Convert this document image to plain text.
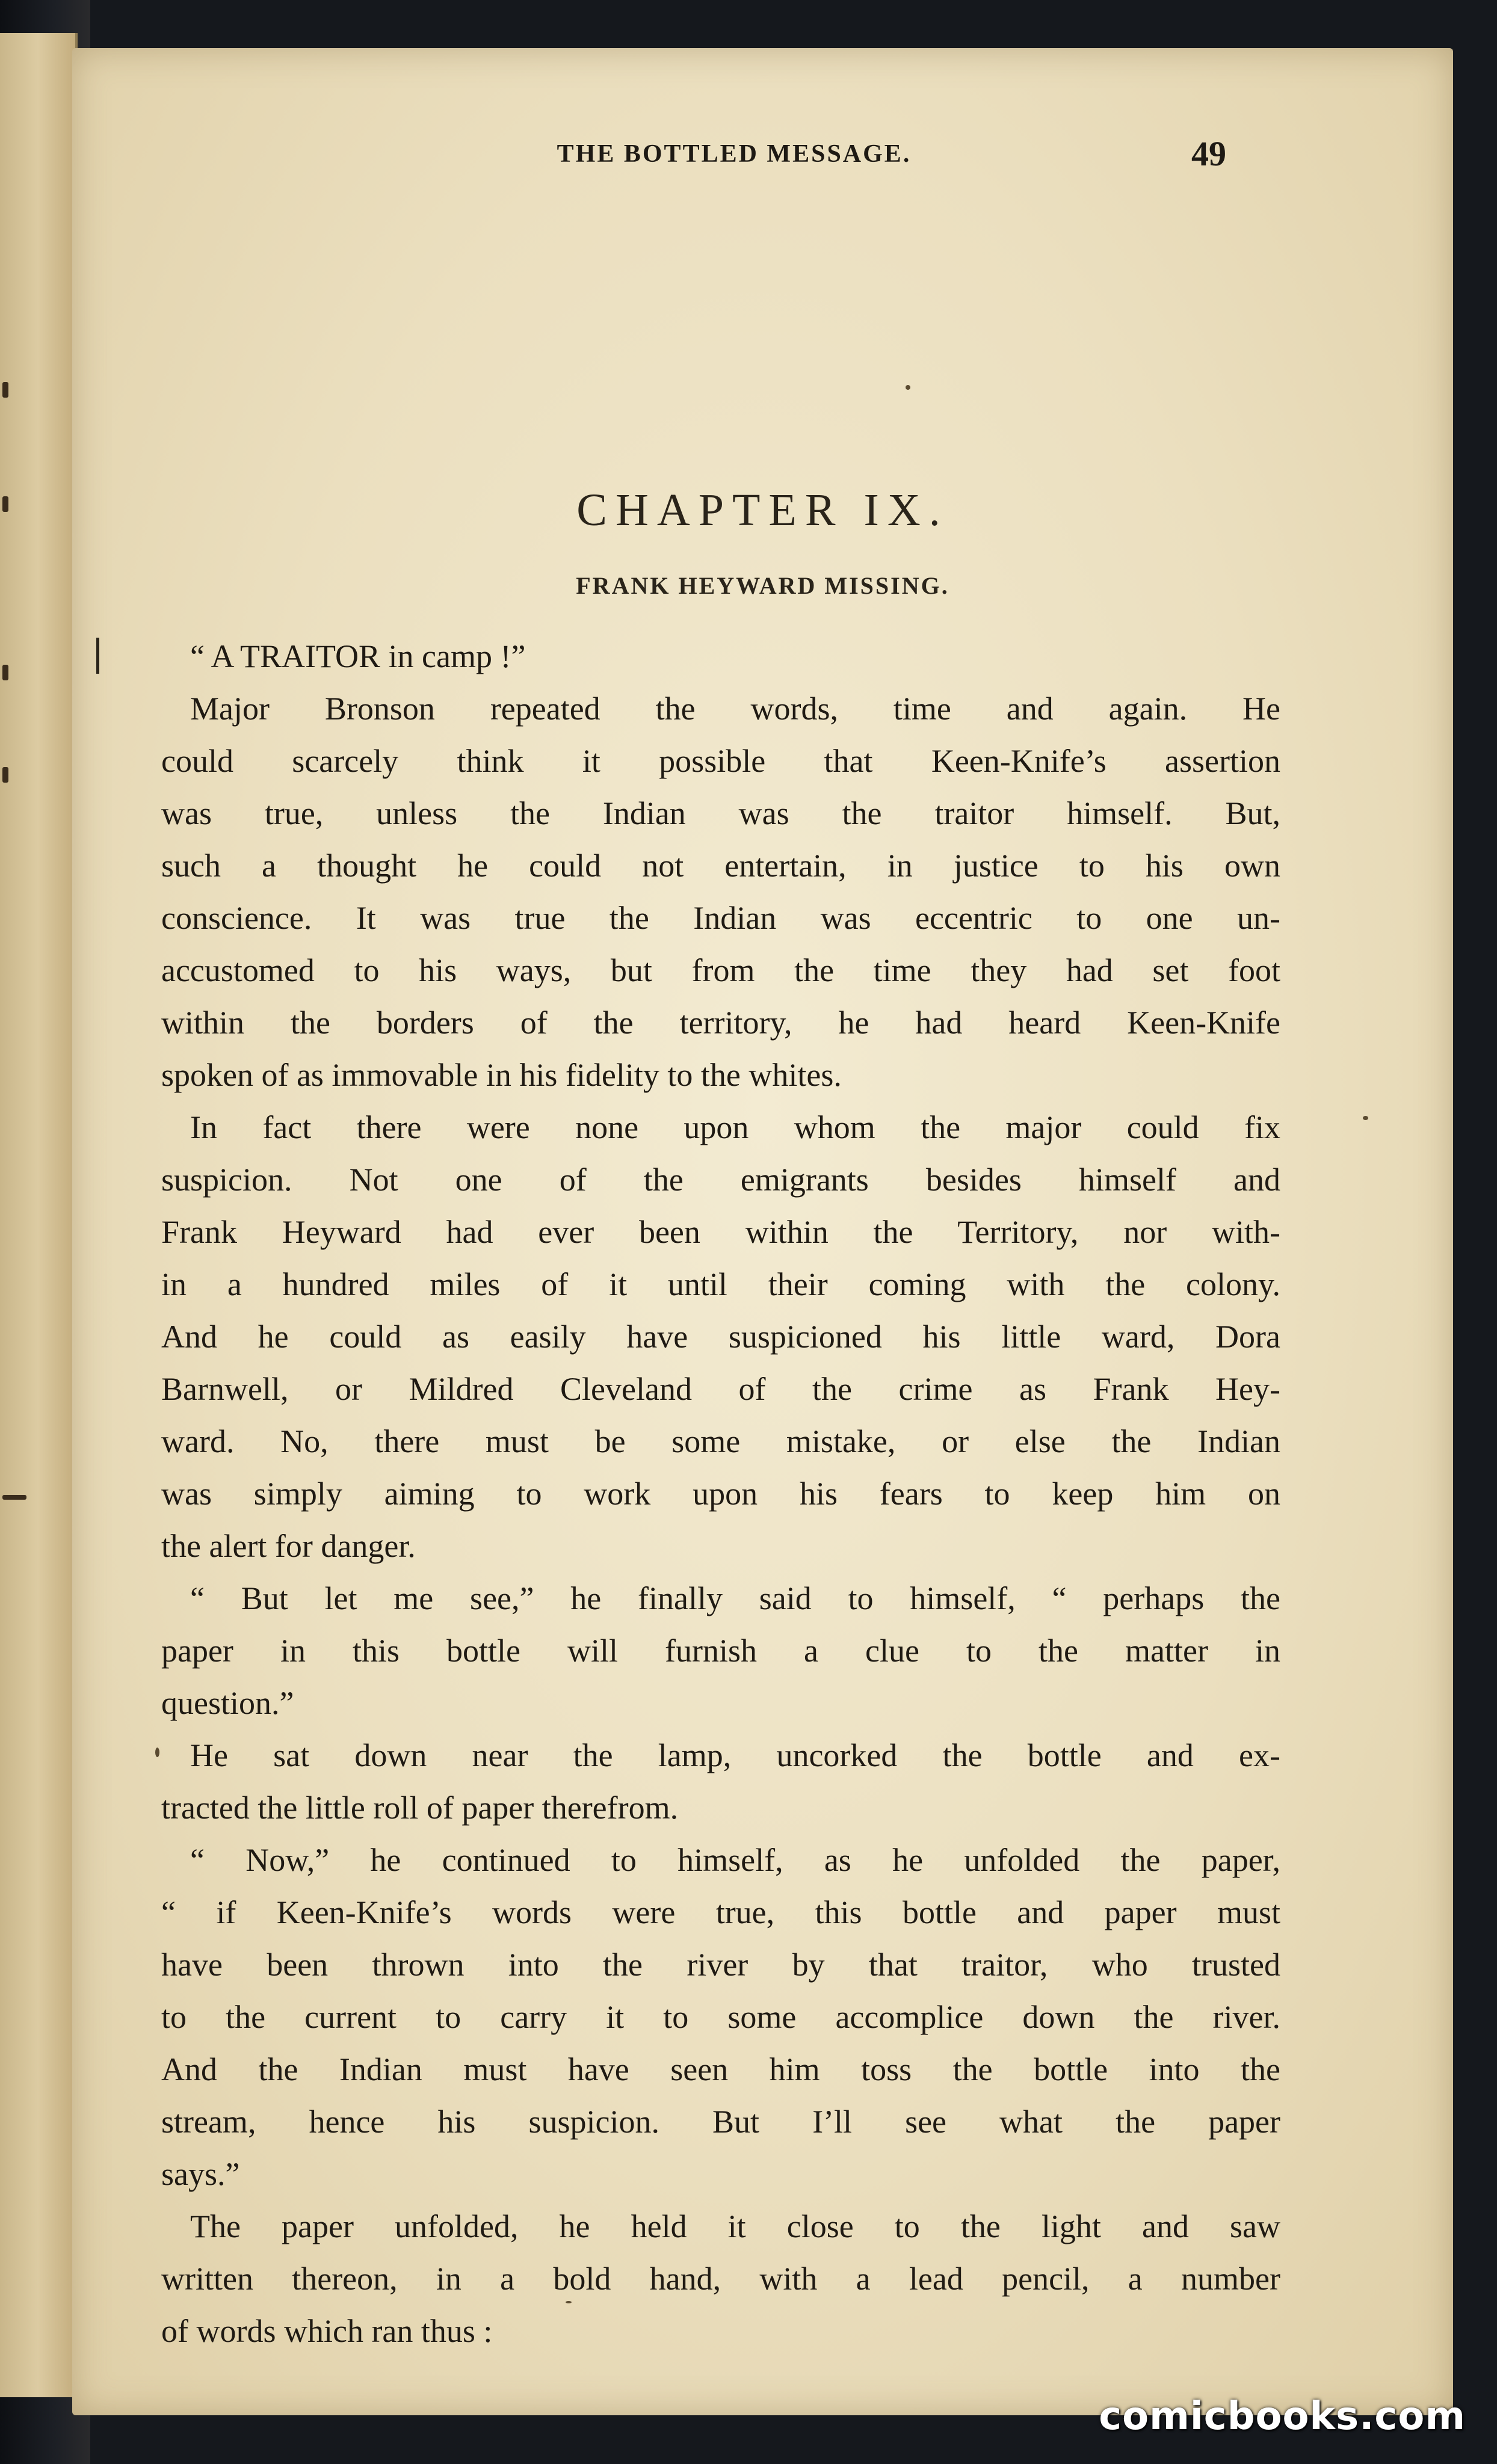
THE BOTTLED MESSAGE.	49
CHAPTER IX.
FRANK HEYWARD MISSING.
“ A TRAITOR in camp !”
Major Bronson repeated the words, time and again. He
could scarcely think it possible that Keen-Knife’s assertion
was true, unless the Indian was the traitor himself. But,
such a thought he could not entertain, in justice to his own
conscience. It was true the Indian was eccentric to one un-
accustomed to his ways, but from the time they had set foot
within the borders of the territory, he had heard Keen-Knife
spoken of as immovable in his fidelity to the whites.
In fact there were none upon whom the major could fix
suspicion. Not one of the emigrants besides himself and
Frank Heyward had ever been within the Territory, nor with-
in a hundred miles of it until their coming with the colony.
And he could as easily have suspicioned his little ward, Dora
Barnwell, or Mildred Cleveland of the crime as Frank Hey-
ward. No, there must be some mistake, or else the Indian
was simply aiming to work upon his fears to keep him on
the alert for danger.
“ But let me see,” he finally said to himself, “ perhaps the
paper in this bottle will furnish a clue to the matter in
question.”
He sat down near the lamp, uncorked the bottle and ex-
tracted the little roll of paper therefrom.
“ Now,” he continued to himself, as he unfolded the paper,
“ if Keen-Knife’s words were true, this bottle and paper must
have been thrown into the river by that traitor, who trusted
to the current to carry it to some accomplice down the river.
And the Indian must have seen him toss the bottle into the
stream, hence his suspicion. But I’ll see what the paper
says.”
The paper unfolded, he held it close to the light and saw
written thereon, in a bold hand, with a lead pencil, a number
of words which ran thus :
comicbooks.com
